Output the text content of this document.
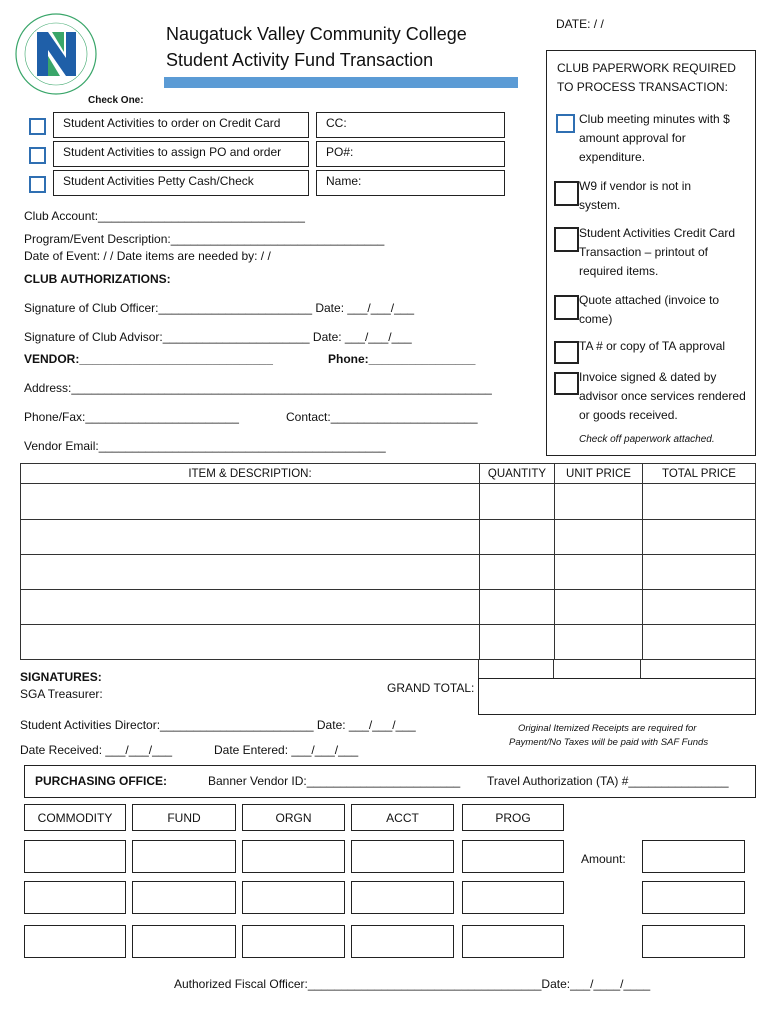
Naugatuck Valley Community College
Student Activity Fund Transaction
DATE: / /
Check One:
Student Activities to order on Credit Card	CC:
Student Activities to assign PO and order	PO#:
Student Activities Petty Cash/Check	Name:
Club Account:_______________________________
Program/Event Description:________________________________
Date of Event: / / Date items are needed by: / /
CLUB AUTHORIZATIONS:
Signature of Club Officer:_______________________ Date: ___/___/___
Signature of Club Advisor:______________________ Date: ___/___/___
VENDOR:_____________________________	Phone:________________
Address:_______________________________________________________________
Phone/Fax:_______________________	Contact:______________________
Vendor Email:___________________________________________
CLUB PAPERWORK REQUIRED TO PROCESS TRANSACTION:
Club meeting minutes with $ amount approval for expenditure.
W9 if vendor is not in system.
Student Activities Credit Card Transaction – printout of required items.
Quote attached (invoice to come)
TA # or copy of TA approval
Invoice signed & dated by advisor once services rendered or goods received.
Check off paperwork attached.
ITEM & DESCRIPTION:	QUANTITY	UNIT PRICE	TOTAL PRICE

SIGNATURES:
SGA Treasurer:	GRAND TOTAL:
Student Activities Director:_______________________ Date: ___/___/___
Date Received: ___/___/___	Date Entered: ___/___/___
Original Itemized Receipts are required for
Payment/No Taxes will be paid with SAF Funds
PURCHASING OFFICE:	Banner Vendor ID:_______________________ Travel Authorization (TA) #_______________
COMMODITY	FUND	ORGN	ACCT	PROG
Amount:
Authorized Fiscal Officer:___________________________________Date:___/____/____
